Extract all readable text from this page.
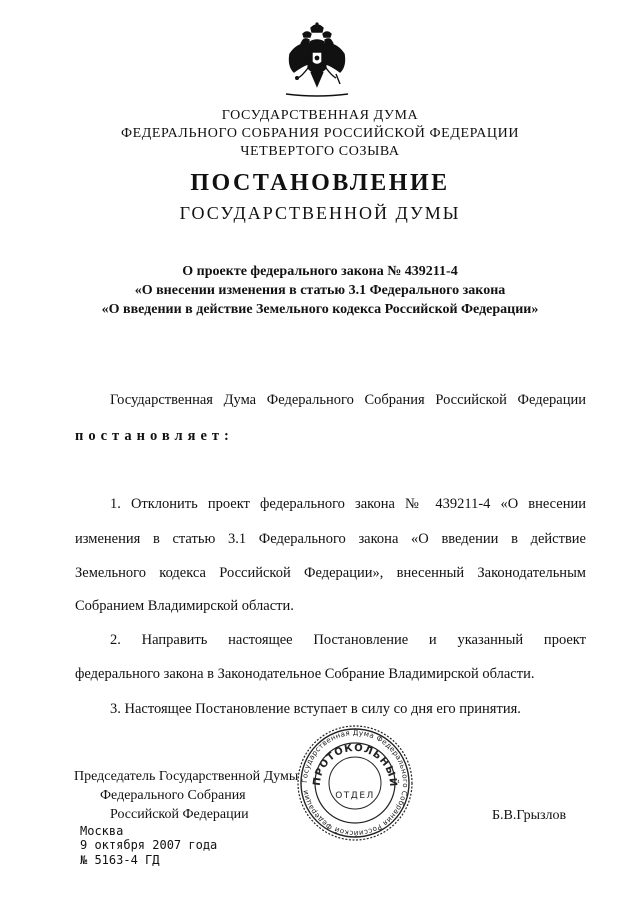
ГОСУДАРСТВЕННАЯ ДУМА
ФЕДЕРАЛЬНОГО СОБРАНИЯ РОССИЙСКОЙ ФЕДЕРАЦИИ
ЧЕТВЕРТОГО СОЗЫВА
ПОСТАНОВЛЕНИЕ
ГОСУДАРСТВЕННОЙ ДУМЫ
О проекте федерального закона № 439211-4
«О внесении изменения в статью 3.1 Федерального закона
«О введении в действие Земельного кодекса Российской Федерации»
Государственная Дума Федерального Собрания Российской Федерации
постановляет:
1. Отклонить проект федерального закона № 439211-4 «О внесении
изменения в статью 3.1 Федерального закона «О введении в действие
Земельного кодекса Российской Федерации», внесенный Законодательным
Собранием Владимирской области.
2. Направить настоящее Постановление и указанный проект
федерального закона в Законодательное Собрание Владимирской области.
3. Настоящее Постановление вступает в силу со дня его принятия.
Председатель Государственной Думы
Федерального Собрания
Российской Федерации	Б.В.Грызлов
Государственная Дума Федерального Собрания Российской Федерации
ПРОТОКОЛЬНЫЙ
ОТДЕЛ
Москва
9 октября 2007 года
№ 5163-4 ГД
